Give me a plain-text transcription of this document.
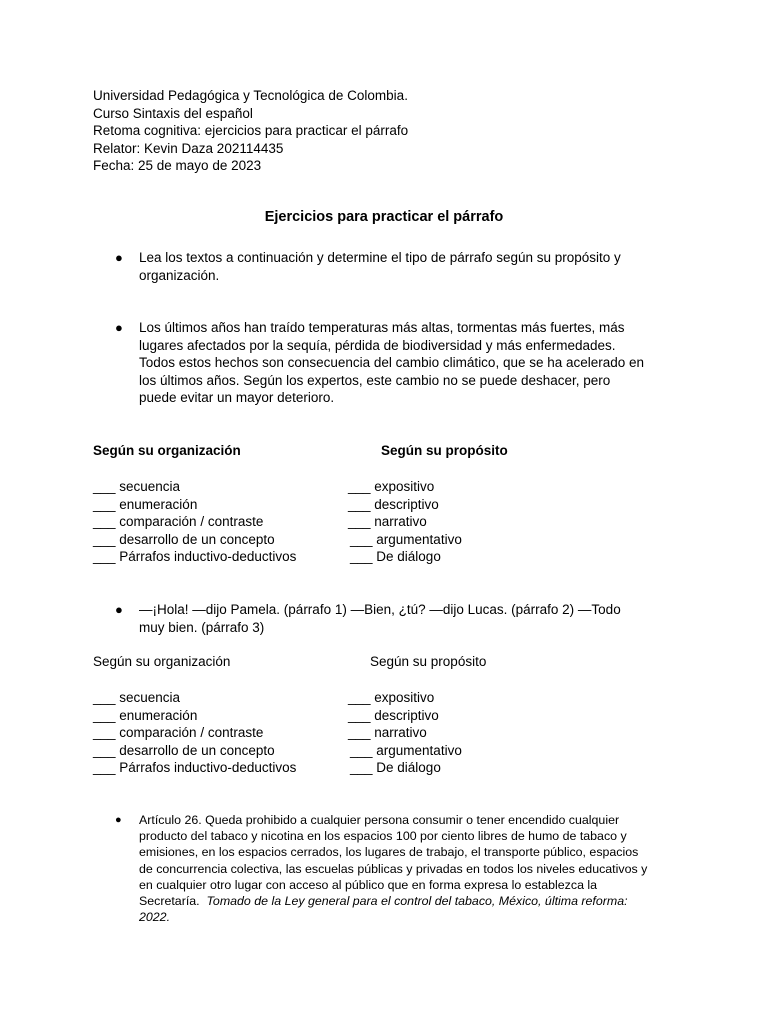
Universidad Pedagógica y Tecnológica de Colombia.
Curso Sintaxis del español
Retoma cognitiva: ejercicios para practicar el párrafo
Relator: Kevin Daza 202114435
Fecha: 25 de mayo de 2023
Ejercicios para practicar el párrafo
● Lea los textos a continuación y determine el tipo de párrafo según su propósito y
organización.
● Los últimos años han traído temperaturas más altas, tormentas más fuertes, más
lugares afectados por la sequía, pérdida de biodiversidad y más enfermedades.
Todos estos hechos son consecuencia del cambio climático, que se ha acelerado en
los últimos años. Según los expertos, este cambio no se puede deshacer, pero
puede evitar un mayor deterioro.
Según su organización	Según su propósito
___ secuencia
___ enumeración
___ comparación / contraste
___ desarrollo de un concepto
___ Párrafos inductivo-deductivos
___ expositivo
___ descriptivo
___ narrativo
___ argumentativo
___ De diálogo
● —¡Hola! —dijo Pamela. (párrafo 1) —Bien, ¿tú? —dijo Lucas. (párrafo 2) —Todo
muy bien. (párrafo 3)
Según su organización	Según su propósito
___ secuencia
___ enumeración
___ comparación / contraste
___ desarrollo de un concepto
___ Párrafos inductivo-deductivos
___ expositivo
___ descriptivo
___ narrativo
___ argumentativo
___ De diálogo
● Artículo 26. Queda prohibido a cualquier persona consumir o tener encendido cualquier
producto del tabaco y nicotina en los espacios 100 por ciento libres de humo de tabaco y
emisiones, en los espacios cerrados, los lugares de trabajo, el transporte público, espacios
de concurrencia colectiva, las escuelas públicas y privadas en todos los niveles educativos y
en cualquier otro lugar con acceso al público que en forma expresa lo establezca la
Secretaría. Tomado de la Ley general para el control del tabaco, México, última reforma:
2022.
